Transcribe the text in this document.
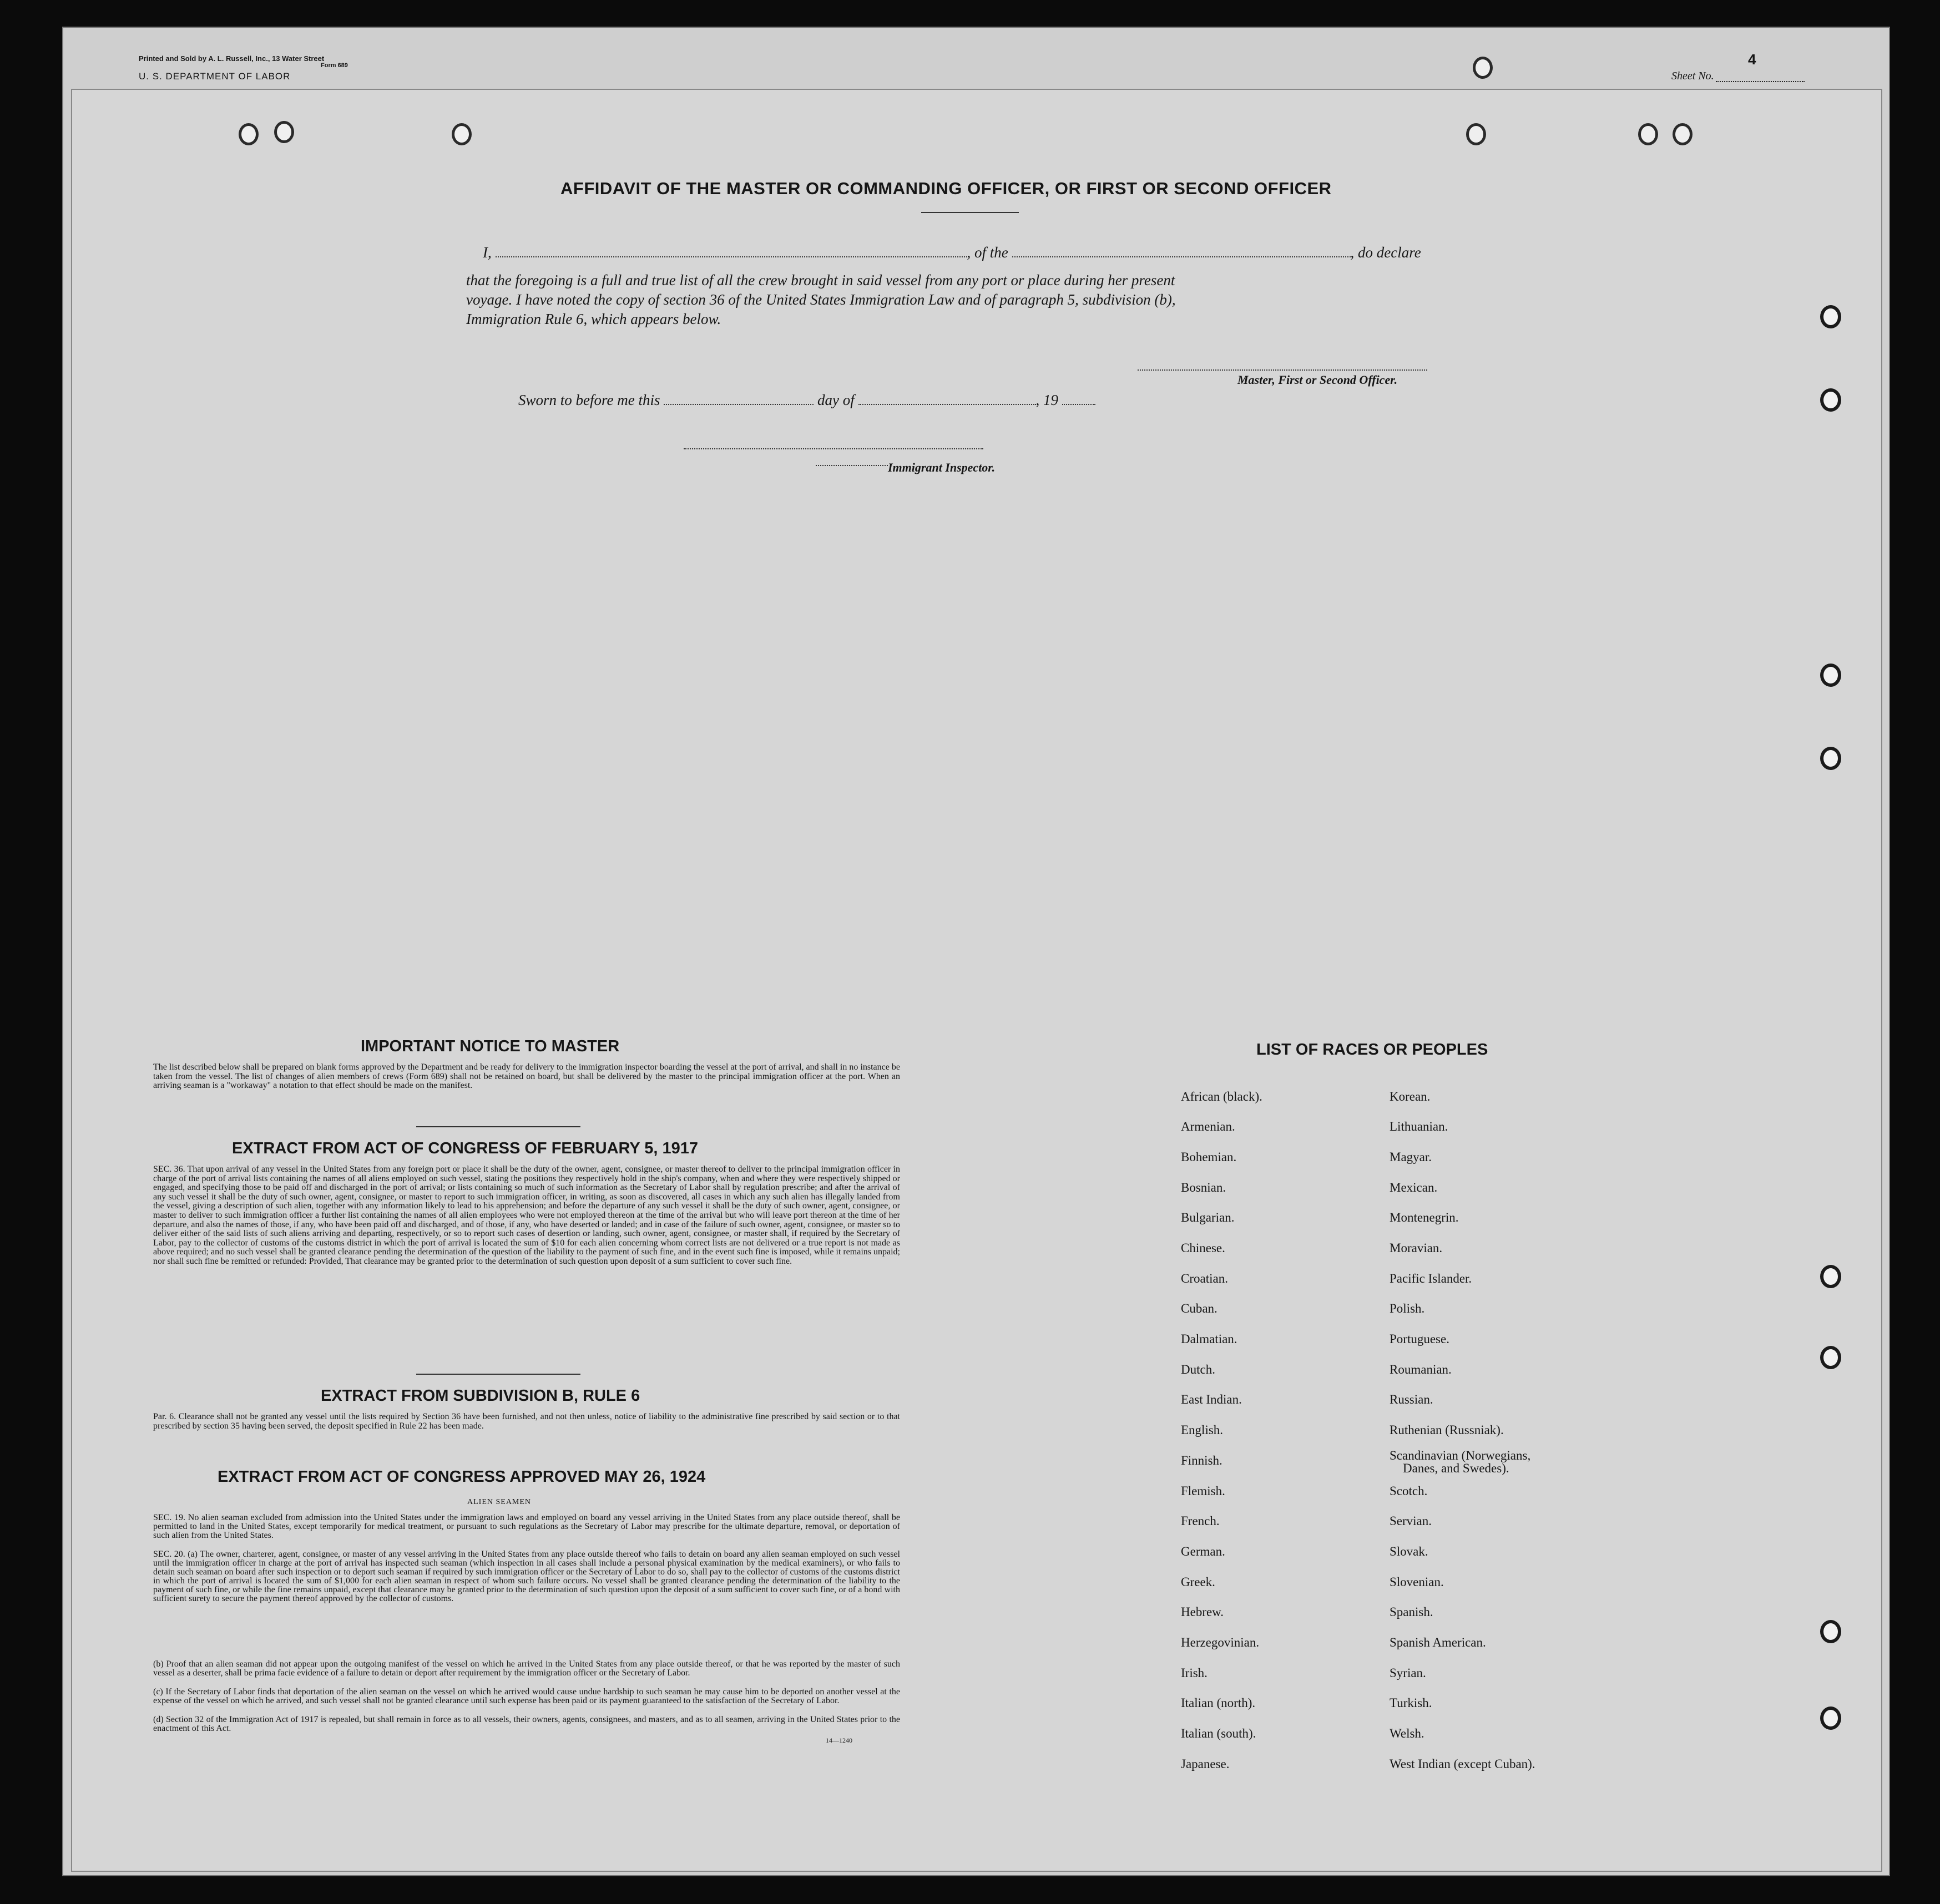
Printed and Sold by A. L. Russell, Inc., 13 Water Street
Form 689
U. S. DEPARTMENT OF LABOR	Sheet No.
4
AFFIDAVIT OF THE MASTER OR COMMANDING OFFICER, OR FIRST OR SECOND OFFICER
I,	, of the	, do declare
that the foregoing is a full and true list of all the crew brought in said vessel from any port or place during her present
voyage. I have noted the copy of section 36 of the United States Immigration Law and of paragraph 5, subdivision (b),
Immigration Rule 6, which appears below.
Master, First or Second Officer.
Sworn to before me this	day of	, 19
Immigrant Inspector.
IMPORTANT NOTICE TO MASTER
The list described below shall be prepared on blank forms approved by the Department and be ready for delivery to the immigration inspector boarding the vessel at the port of arrival, and shall in no instance be taken from the vessel. The list of changes of alien members of crews (Form 689) shall not be retained on board, but shall be delivered by the master to the principal immigration officer at the port. When an arriving seaman is a "workaway" a notation to that effect should be made on the manifest.
EXTRACT FROM ACT OF CONGRESS OF FEBRUARY 5, 1917
SEC. 36. That upon arrival of any vessel in the United States from any foreign port or place it shall be the duty of the owner, agent, consignee, or master thereof to deliver to the principal immigration officer in charge of the port of arrival lists containing the names of all aliens employed on such vessel, stating the positions they respectively hold in the ship's company, when and where they were respectively shipped or engaged, and specifying those to be paid off and discharged in the port of arrival; or lists containing so much of such information as the Secretary of Labor shall by regulation prescribe; and after the arrival of any such vessel it shall be the duty of such owner, agent, consignee, or master to report to such immigration officer, in writing, as soon as discovered, all cases in which any such alien has illegally landed from the vessel, giving a description of such alien, together with any information likely to lead to his apprehension; and before the departure of any such vessel it shall be the duty of such owner, agent, consignee, or master to deliver to such immigration officer a further list containing the names of all alien employees who were not employed thereon at the time of the arrival but who will leave port thereon at the time of her departure, and also the names of those, if any, who have been paid off and discharged, and of those, if any, who have deserted or landed; and in case of the failure of such owner, agent, consignee, or master so to deliver either of the said lists of such aliens arriving and departing, respectively, or so to report such cases of desertion or landing, such owner, agent, consignee, or master shall, if required by the Secretary of Labor, pay to the collector of customs of the customs district in which the port of arrival is located the sum of $10 for each alien concerning whom correct lists are not delivered or a true report is not made as above required; and no such vessel shall be granted clearance pending the determination of the question of the liability to the payment of such fine, and in the event such fine is imposed, while it remains unpaid; nor shall such fine be remitted or refunded: Provided, That clearance may be granted prior to the determination of such question upon deposit of a sum sufficient to cover such fine.
EXTRACT FROM SUBDIVISION B, RULE 6
Par. 6. Clearance shall not be granted any vessel until the lists required by Section 36 have been furnished, and not then unless, notice of liability to the administrative fine prescribed by said section or to that prescribed by section 35 having been served, the deposit specified in Rule 22 has been made.
EXTRACT FROM ACT OF CONGRESS APPROVED MAY 26, 1924
ALIEN SEAMEN
SEC. 19. No alien seaman excluded from admission into the United States under the immigration laws and employed on board any vessel arriving in the United States from any place outside thereof, shall be permitted to land in the United States, except temporarily for medical treatment, or pursuant to such regulations as the Secretary of Labor may prescribe for the ultimate departure, removal, or deportation of such alien from the United States.
SEC. 20. (a) The owner, charterer, agent, consignee, or master of any vessel arriving in the United States from any place outside thereof who fails to detain on board any alien seaman employed on such vessel until the immigration officer in charge at the port of arrival has inspected such seaman (which inspection in all cases shall include a personal physical examination by the medical examiners), or who fails to detain such seaman on board after such inspection or to deport such seaman if required by such immigration officer or the Secretary of Labor to do so, shall pay to the collector of customs of the customs district in which the port of arrival is located the sum of $1,000 for each alien seaman in respect of whom such failure occurs. No vessel shall be granted clearance pending the determination of the liability to the payment of such fine, or while the fine remains unpaid, except that clearance may be granted prior to the determination of such question upon the deposit of a sum sufficient to cover such fine, or of a bond with sufficient surety to secure the payment thereof approved by the collector of customs.
(b) Proof that an alien seaman did not appear upon the outgoing manifest of the vessel on which he arrived in the United States from any place outside thereof, or that he was reported by the master of such vessel as a deserter, shall be prima facie evidence of a failure to detain or deport after requirement by the immigration officer or the Secretary of Labor.
(c) If the Secretary of Labor finds that deportation of the alien seaman on the vessel on which he arrived would cause undue hardship to such seaman he may cause him to be deported on another vessel at the expense of the vessel on which he arrived, and such vessel shall not be granted clearance until such expense has been paid or its payment guaranteed to the satisfaction of the Secretary of Labor.
(d) Section 32 of the Immigration Act of 1917 is repealed, but shall remain in force as to all vessels, their owners, agents, consignees, and masters, and as to all seamen, arriving in the United States prior to the enactment of this Act.
14—1240
LIST OF RACES OR PEOPLES
African (black).
Armenian.
Bohemian.
Bosnian.
Bulgarian.
Chinese.
Croatian.
Cuban.
Dalmatian.
Dutch.
East Indian.
English.
Finnish.
Flemish.
French.
German.
Greek.
Hebrew.
Herzegovinian.
Irish.
Italian (north).
Italian (south).
Japanese.
Korean.
Lithuanian.
Magyar.
Mexican.
Montenegrin.
Moravian.
Pacific Islander.
Polish.
Portuguese.
Roumanian.
Russian.
Ruthenian (Russniak).
Scandinavian (Norwegians,
Danes, and Swedes).
Scotch.
Servian.
Slovak.
Slovenian.
Spanish.
Spanish American.
Syrian.
Turkish.
Welsh.
West Indian (except Cuban).
